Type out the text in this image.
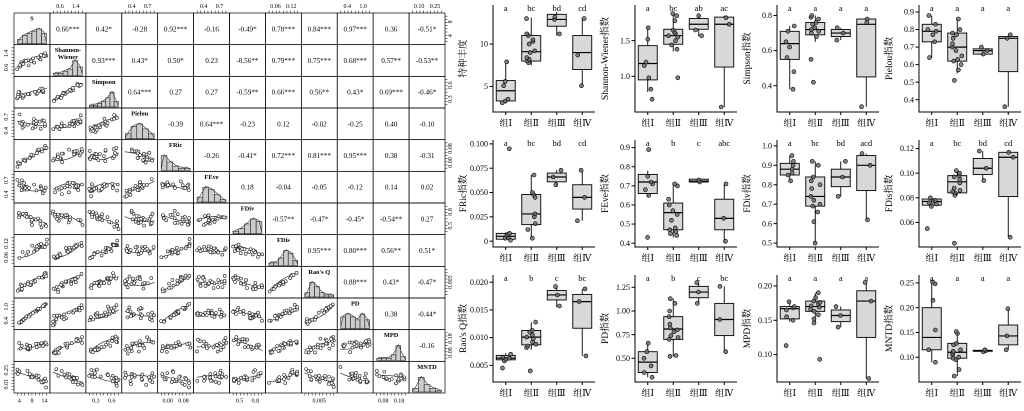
S
0.66*** 0.42*	-0.28 0.92*** -0.16	-0.49* 0.78*** 0.84*** 0.97*** 0.36	-0.51*
Shannon-
Wiener 0.93*** 0.43*	0.50*	0.23	-0.56** 0.79*** 0.75*** 0.68*** 0.57** -0.53**
Simpson
0.64*** 0.27	0.27	-0.59** 0.66*** 0.56** 0.43* 0.69*** -0.46*
Pielou
-0.39 0.64*** -0.23	0.12	-0.02	-0.25	0.40	-0.10
FRic
-0.26	-0.41* 0.72*** 0.81*** 0.95*** 0.38	-0.31
FEve
0.18	-0.04	-0.05	-0.12	0.14	0.02
FDiv
-0.57** -0.47* -0.45* -0.54**	0.27
FDis
0.95*** 0.80*** 0.56** 0.51*
Rao's Q
0.88*** 0.43*	-0.47*
PD
0.38	-0.44*
MPD
-0.16
MNTD
0.6 1.4	0.4 0.7	0.4 0.7	0.06 0.12	0.4 1.0	0.10 0.25
4 8 14	0.3 0.6	0.00 0.08	0.5 0.8	0.005	0.08 0.18
1.4
0.6
0.7
0.4
0.7
0.4
0.12
0.06
1.0
0.4
0.25
0.01
8
4
0.6
0.3
0.08
0.00
0.8
0.5
0.005
0.18
0.08
5
10
特种丰度
a
组Ⅰ
bc
组Ⅱ
bd
组Ⅲ
cd
组Ⅳ
1.0
1.5
Shannon-Wiener指数
a
组Ⅰ
bc
组Ⅱ
ab
组Ⅲ
ac
组Ⅳ
0.4
0.6
0.8
Simpson指数
a
组Ⅰ
a
组Ⅱ
a
组Ⅲ
a
组Ⅳ
0.4
0.5
0.6
0.7
0.8
0.9
Pielou指数
a
组Ⅰ
a
组Ⅱ
a
组Ⅲ
a
组Ⅳ
0
0.025
0.050
0.075
0.100
FRic指数
a
组Ⅰ
bc
组Ⅱ
bd
组Ⅲ
cd
组Ⅳ
0.4
0.5
0.6
0.7
0.8
0.9
FEve指数
a
组Ⅰ
b
组Ⅱ
c
组Ⅲ
abc
组Ⅳ
0.5
0.6
0.7
0.8
0.9
1.0
FDiv指数
a
组Ⅰ
bc
组Ⅱ
bd
组Ⅲ
acd
组Ⅳ
0.06
0.08
0.10
0.12
FDis指数
a
组Ⅰ
bc
组Ⅱ
bd
组Ⅲ
cd
组Ⅳ
0.005
0.010
0.015
0.020
Rao's Q指数
a
组Ⅰ
b
组Ⅱ
c
组Ⅲ
bc
组Ⅳ
0.50
0.75
1.00
1.25
PD指数
a
组Ⅰ
b
组Ⅱ
c
组Ⅲ
bc
组Ⅳ
0.10
0.15
0.20
MPD指数
a
组Ⅰ
a
组Ⅱ
a
组Ⅲ
a
组Ⅳ
0.10
0.15
0.20
0.25
MNTD指数
a
组Ⅰ
a
组Ⅱ
a
组Ⅲ
a
组Ⅳ
